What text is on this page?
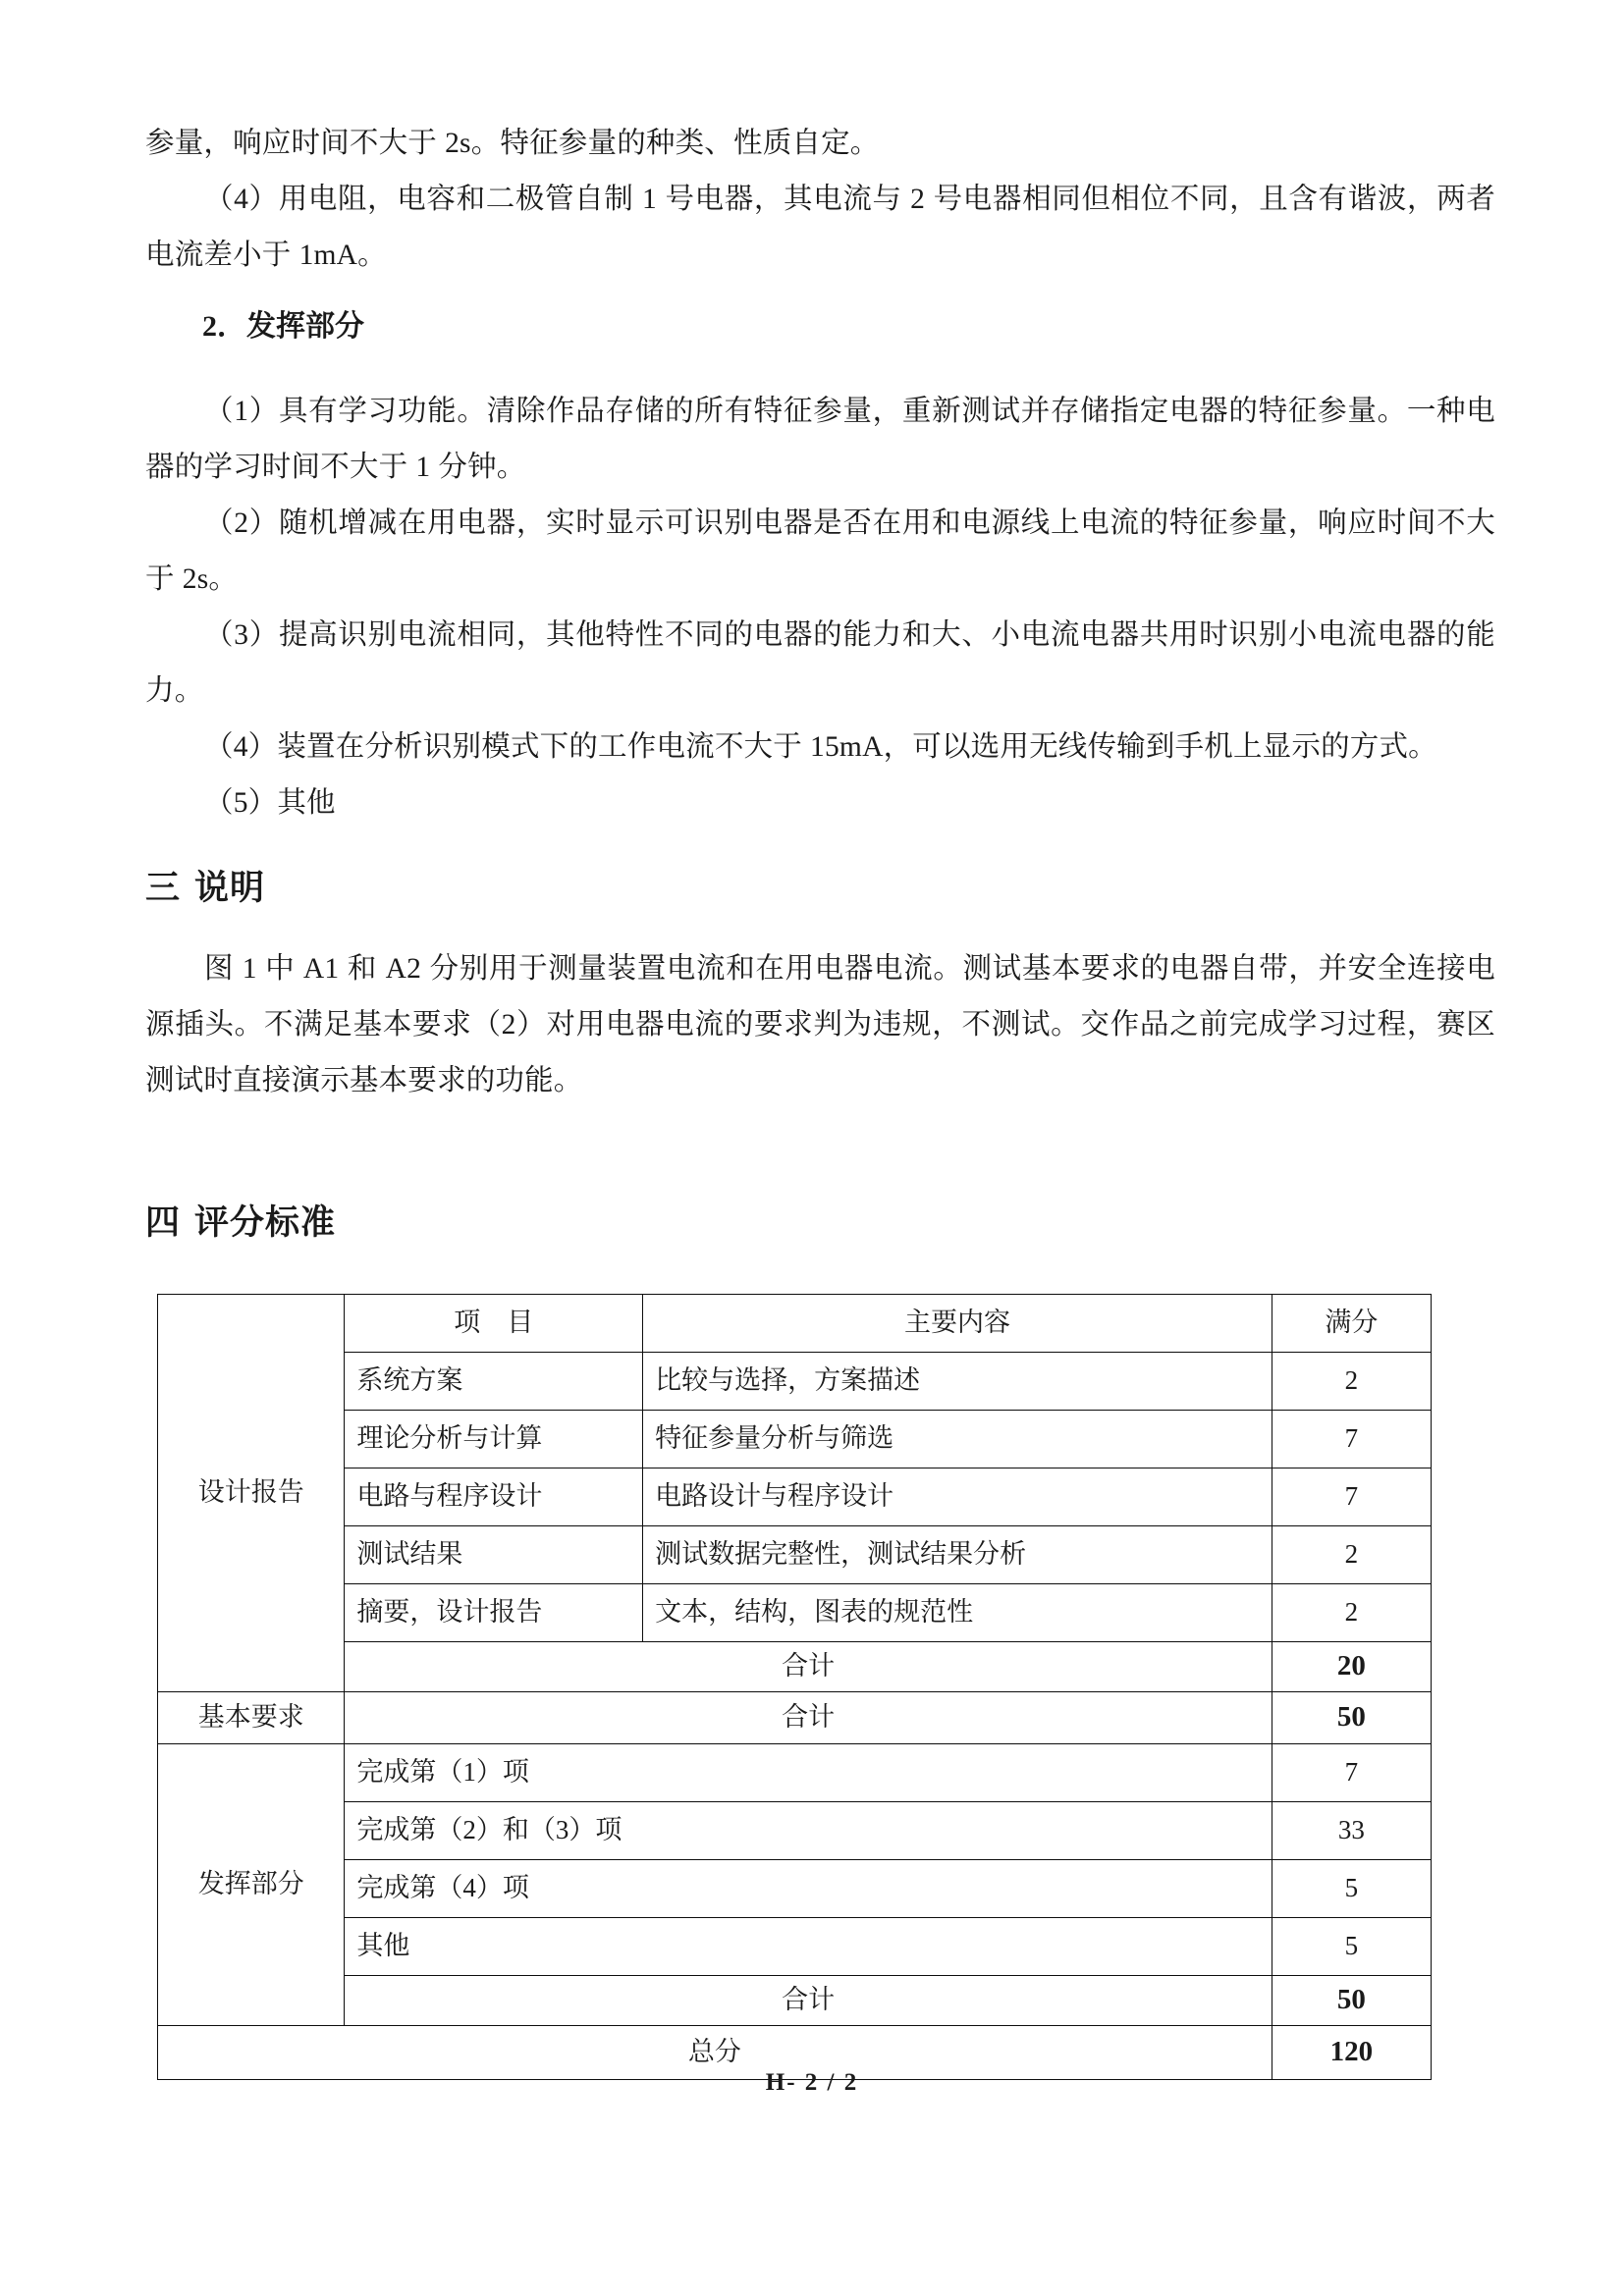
参量，响应时间不大于 2s。特征参量的种类、性质自定。

（4）用电阻，电容和二极管自制 1 号电器，其电流与 2 号电器相同但相位不同，且含有谐波，两者电流差小于 1mA。

2．发挥部分

（1）具有学习功能。清除作品存储的所有特征参量，重新测试并存储指定电器的特征参量。一种电器的学习时间不大于 1 分钟。

（2）随机增减在用电器，实时显示可识别电器是否在用和电源线上电流的特征参量，响应时间不大于 2s。

（3）提高识别电流相同，其他特性不同的电器的能力和大、小电流电器共用时识别小电流电器的能力。

（4）装置在分析识别模式下的工作电流不大于 15mA，可以选用无线传输到手机上显示的方式。

（5）其他

三 说明

图 1 中 A1 和 A2 分别用于测量装置电流和在用电器电流。测试基本要求的电器自带，并安全连接电源插头。不满足基本要求（2）对用电器电流的要求判为违规，不测试。交作品之前完成学习过程，赛区测试时直接演示基本要求的功能。

四 评分标准
设计报告	项　目	主要内容	满分
	系统方案	比较与选择，方案描述	2
	理论分析与计算	特征参量分析与筛选	7
	电路与程序设计	电路设计与程序设计	7
	测试结果	测试数据完整性，测试结果分析	2
	摘要，设计报告	文本，结构，图表的规范性	2
	合计		20
基本要求	合计		50
发挥部分	完成第（1）项		7
	完成第（2）和（3）项		33
	完成第（4）项		5
	其他		5
	合计		50
总分			120
H- 2 / 2
